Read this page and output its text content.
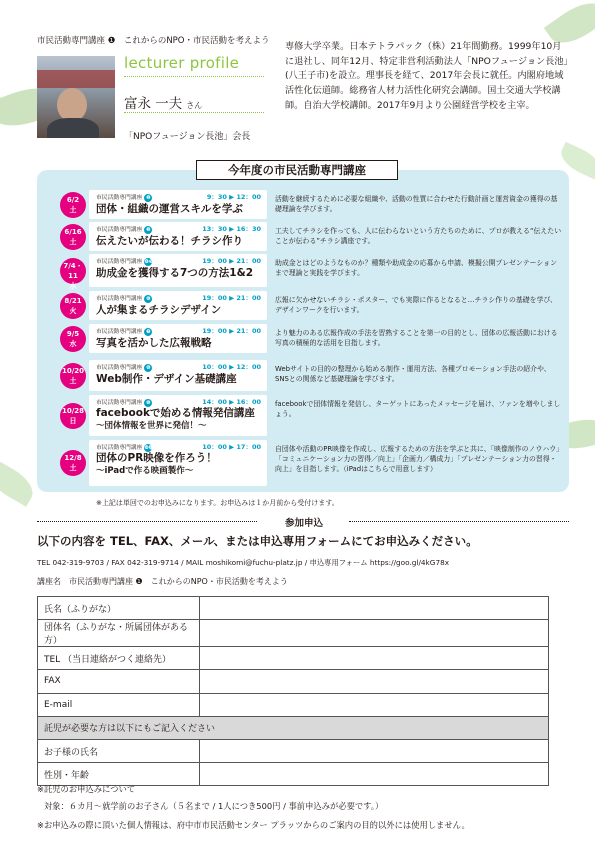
市民活動専門講座 ❶　これからのNPO・市民活動を考えよう
lecturer profile
富永 一夫 さん
「NPOフュージョン長池」会長
専修大学卒業。日本テトラパック（株）21年間勤務。1999年10月に退社し、同年12月、特定非営利活動法人「NPOフュージョン長池」(八王子市)を設立。理事長を経て、2017年会長に就任。内閣府地域活性化伝道師。総務省人材力活性化研究会講師。国土交通大学校講師。自治大学校講師。2017年9月より公園経営学校を主宰。
今年度の市民活動専門講座
6/2
土
市民活動専門講座 ❷	9：30 ▶ 12：00
団体・組織の運営スキルを学ぶ
活動を継続するために必要な組織や、活動の性質に合わせた行動計画と運営資金の獲得の基礎理論を学びます。
6/16
土
市民活動専門講座 ❸	13：30 ▶ 16：30
伝えたいが伝わる！チラシ作り
工夫してチラシを作っても、人に伝わらないという方たちのために、プロが教える“伝えたいことが伝わる”チラシ講座です。
7/4・11
水
市民活動専門講座 ❹❺	19：00 ▶ 21：00
助成金を獲得する7つの方法1&2
助成金とはどのようなものか？種類や助成金の応募から申請、模擬公開プレゼンテーションまで理論と実践を学びます。
8/21
火
市民活動専門講座 ❻	19：00 ▶ 21：00
人が集まるチラシデザイン
広報に欠かせないチラシ・ポスター、でも実際に作るとなると…チラシ作りの基礎を学び、デザインワークを行います。
9/5
水
市民活動専門講座 ❼	19：00 ▶ 21：00
写真を活かした広報戦略
より魅力のある広報作成の手法を習熟することを第一の目的とし、団体の広報活動における写真の積極的な活用を目指します。
10/20
土
市民活動専門講座 ❽	10：00 ▶ 12：00
Web制作・デザイン基礎講座
Webサイトの目的の整理から始める制作・運用方法、各種プロモーション手法の紹介や、SNSとの関係など基礎理論を学びます。
10/28
日
市民活動専門講座 ❾	14：00 ▶ 16：00
facebookで始める情報発信講座
～団体情報を世界に発信！～
facebookで団体情報を発信し、ターゲットにあったメッセージを届け、ファンを増やしましょう。
12/8
土
市民活動専門講座 ❿⓫	10：00 ▶ 17：00
団体のPR映像を作ろう！
～iPadで作る映画製作～
自団体や活動のPR映像を作成し、広報するための方法を学ぶと共に、「映像制作のノウハウ」「コミュニケーション力の習得／向上」「企画力／構成力」「プレゼンテーション力の習得・向上」を目指します。（iPadはこちらで用意します）
※上記は単回でのお申込みになります。お申込みは１か月前から受付けます。
参加申込
以下の内容を TEL、FAX、メール、または申込専用フォームにてお申込みください。
TEL 042-319-9703 / FAX 042-319-9714 / MAIL moshikomi@fuchu-platz.jp / 申込専用フォーム https://goo.gl/4kG78x
講座名　市民活動専門講座 ❶　これからのNPO・市民活動を考えよう
氏名（ふりがな）	
団体名（ふりがな・所属団体がある方）	
TEL （当日連絡がつく連絡先）	
FAX	
E-mail	
託児が必要な方は以下にもご記入ください	
お子様の氏名	
性別・年齢	
※託児のお申込みについて
対象：６カ月～就学前のお子さん（５名まで / 1人につき500円 / 事前申込みが必要です。）
※お申込みの際に頂いた個人情報は、府中市市民活動センター プラッツからのご案内の目的以外には使用しません。
